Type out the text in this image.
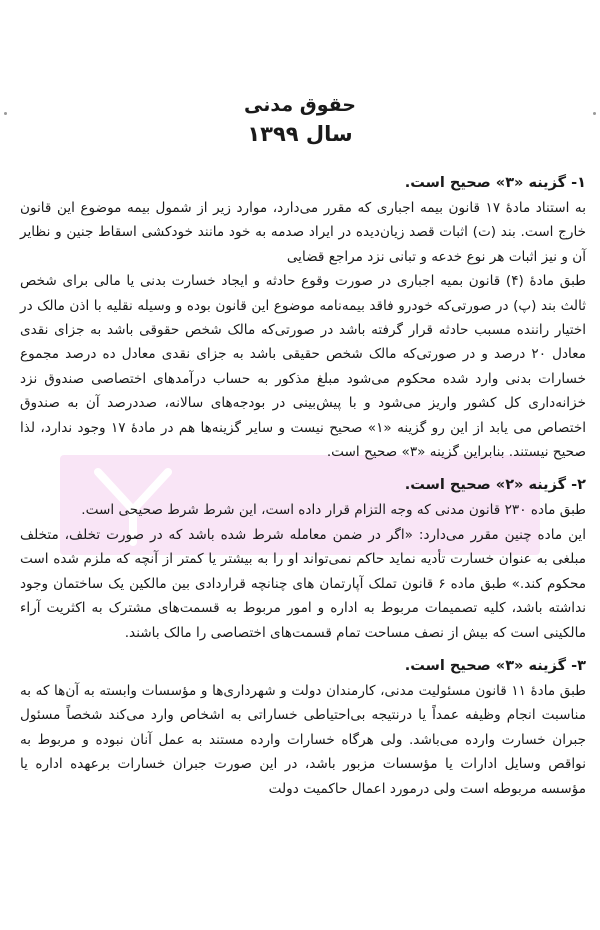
حقوق مدنی
سال ۱۳۹۹

۱- گزینه «۳» صحیح است.

به استناد مادهٔ ۱۷ قانون بیمه اجباری که مقرر می‌دارد، موارد زیر از شمول بیمه موضوع این قانون خارج است. بند (ت) اثبات قصد زیان‌دیده در ایراد صدمه به خود مانند خودکشی اسقاط جنین و نظایر آن و نیز اثبات هر نوع خدعه و تبانی نزد مراجع قضایی

طبق مادهٔ (۴) قانون بمیه اجباری در صورت وقوع حادثه و ایجاد خسارت بدنی یا مالی برای شخص ثالث بند (پ) در صورتی‌که خودرو فاقد بیمه‌نامه موضوع این قانون بوده و وسیله نقلیه با اذن مالک در اختیار راننده مسبب حادثه قرار گرفته باشد در صورتی‌که مالک شخص حقوقی باشد به جزای نقدی معادل ۲۰ درصد و در صورتی‌که مالک شخص حقیقی باشد به جزای نقدی معادل ده درصد مجموع خسارات بدنی وارد شده محکوم می‌شود مبلغ مذکور به حساب درآمدهای اختصاصی صندوق نزد خزانه‌داری کل کشور واریز می‌شود و با پیش‌بینی در بودجه‌های سالانه، صددرصد آن به صندوق اختصاص می یابد از این رو گزینه «۱» صحیح نیست و سایر گزینه‌ها هم در مادهٔ ۱۷ وجود ندارد، لذا صحیح نیستند. بنابراین گزینه «۳» صحیح است.

۲- گزینه «۲» صحیح است.

طبق ماده ۲۳۰ قانون مدنی که وجه التزام قرار داده است، این شرط شرط صحیحی است.

این ماده چنین مقرر می‌دارد: «اگر در ضمن معامله شرط شده باشد که در صورت تخلف، متخلف مبلغی به عنوان خسارت تأدیه نماید حاکم نمی‌تواند او را به بیشتر یا کمتر از آنچه که ملزم شده است محکوم کند.» طبق ماده ۶ قانون تملک آپارتمان های چنانچه قراردادی بین مالکین یک ساختمان وجود نداشته باشد، کلیه تصمیمات مربوط به اداره و امور مربوط به قسمت‌های مشترک به اکثریت آراء مالکینی است که بیش از نصف مساحت تمام قسمت‌های اختصاصی را مالک باشند.

۳- گزینه «۳» صحیح است.

طبق مادهٔ ۱۱ قانون مسئولیت مدنی، کارمندان دولت و شهرداری‌ها و مؤسسات وابسته به آن‌ها که به مناسبت انجام وظیفه عمداً یا درنتیجه بی‌احتیاطی خساراتی به اشخاص وارد می‌کند شخصاً مسئول جبران خسارت وارده می‌باشد. ولی هرگاه خسارات وارده مستند به عمل آنان نبوده و مربوط به نواقص وسایل ادارات یا مؤسسات مزبور باشد، در این صورت جبران خسارات برعهده اداره یا مؤسسه مربوطه است ولی درمورد اعمال حاکمیت دولت
